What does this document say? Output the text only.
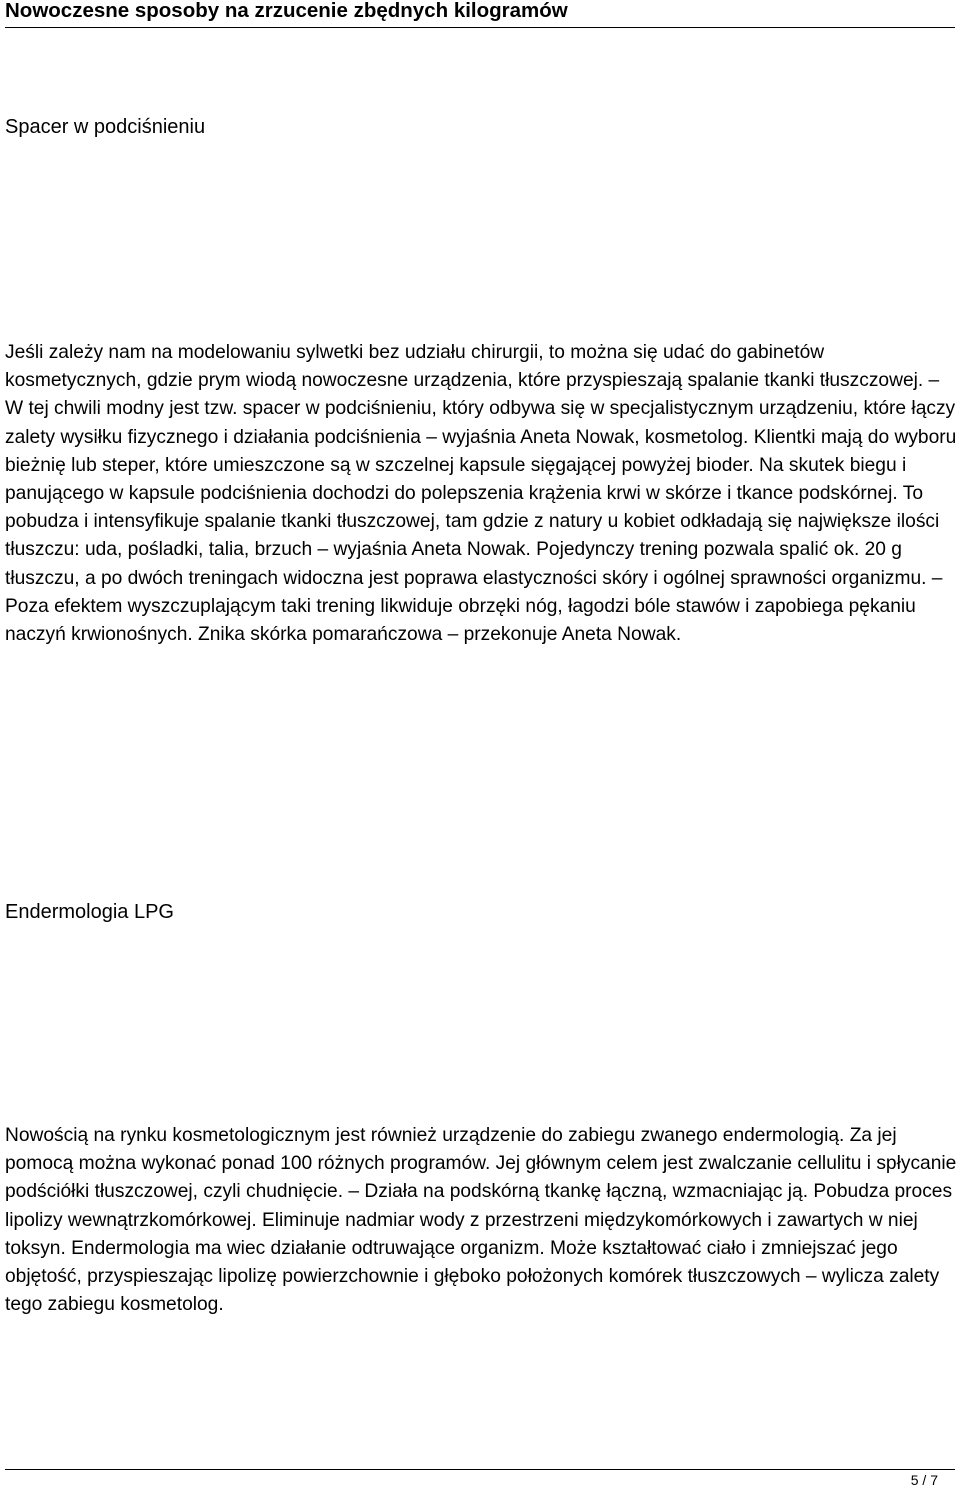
Nowoczesne sposoby na zrzucenie zbędnych kilogramów
Spacer w podciśnieniu

Jeśli zależy nam na modelowaniu sylwetki bez udziału chirurgii, to można się udać do gabinetów kosmetycznych, gdzie prym wiodą nowoczesne urządzenia, które przyspieszają spalanie tkanki tłuszczowej. ‒ W tej chwili modny jest tzw. spacer w podciśnieniu, który odbywa się w specjalistycznym urządzeniu, które łączy zalety wysiłku fizycznego i działania podciśnienia ‒ wyjaśnia Aneta Nowak, kosmetolog. Klientki mają do wyboru bieżnię lub steper, które umieszczone są w szczelnej kapsule sięgającej powyżej bioder. Na skutek biegu i panującego w kapsule podciśnienia dochodzi do polepszenia krążenia krwi w skórze i tkance podskórnej. To pobudza i intensyfikuje spalanie tkanki tłuszczowej, tam gdzie z natury u kobiet odkładają się największe ilości tłuszczu: uda, pośladki, talia, brzuch ‒ wyjaśnia Aneta Nowak. Pojedynczy trening pozwala spalić ok. 20 g tłuszczu, a po dwóch treningach widoczna jest poprawa elastyczności skóry i ogólnej sprawności organizmu. ‒ Poza efektem wyszczuplającym taki trening likwiduje obrzęki nóg, łagodzi bóle stawów i zapobiega pękaniu naczyń krwionośnych. Znika skórka pomarańczowa ‒ przekonuje Aneta Nowak.

Endermologia LPG

Nowością na rynku kosmetologicznym jest również urządzenie do zabiegu zwanego endermologią. Za jej pomocą można wykonać ponad 100 różnych programów. Jej głównym celem jest zwalczanie cellulitu i spłycanie podściółki tłuszczowej, czyli chudnięcie. ‒ Działa na podskórną tkankę łączną, wzmacniając ją. Pobudza proces lipolizy wewnątrzkomórkowej. Eliminuje nadmiar wody z przestrzeni międzykomórkowych i zawartych w niej toksyn. Endermologia ma wiec działanie odtruwające organizm. Może kształtować ciało i zmniejszać jego objętość, przyspieszając lipolizę powierzchownie i głęboko położonych komórek tłuszczowych ‒ wylicza zalety tego zabiegu kosmetolog.

5 / 7
